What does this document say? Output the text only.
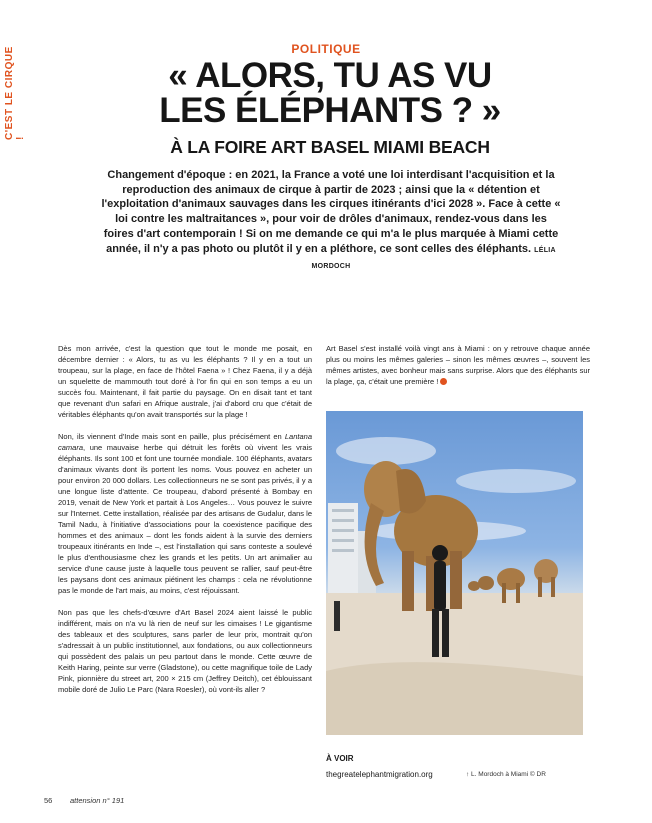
C'EST LE CIRQUE !
POLITIQUE
« ALORS, TU AS VU
LES ÉLÉPHANTS ? »
À LA FOIRE ART BASEL MIAMI BEACH
Changement d'époque : en 2021, la France a voté une loi interdisant l'acquisition et la reproduction des animaux de cirque à partir de 2023 ; ainsi que la « détention et l'exploitation d'animaux sauvages dans les cirques itinérants d'ici 2028 ». Face à cette « loi contre les maltraitances », pour voir de drôles d'animaux, rendez-vous dans les foires d'art contemporain ! Si on me demande ce qui m'a le plus marquée à Miami cette année, il n'y a pas photo ou plutôt il y en a pléthore, ce sont celles des éléphants. LÉLIA MORDOCH

Dès mon arrivée, c'est la question que tout le monde me posait, en décembre dernier : « Alors, tu as vu les éléphants ? Il y en a tout un troupeau, sur la plage, en face de l'hôtel Faena » ! Chez Faena, il y a déjà un squelette de mammouth tout doré à l'or fin qui en son temps a eu un succès fou. Maintenant, il fait partie du paysage. On en disait tant et tant que revenant d'un safari en Afrique australe, j'ai d'abord cru que c'était de véritables éléphants qu'on avait transportés sur la plage !

Non, ils viennent d'Inde mais sont en paille, plus précisément en Lantana camara, une mauvaise herbe qui détruit les forêts où vivent les vrais éléphants. Ils sont 100 et font une tournée mondiale. 100 éléphants, avatars d'animaux vivants dont ils portent les noms. Vous pouvez en acheter un pour environ 20 000 dollars. Les collectionneurs ne se sont pas privés, il y a une longue liste d'attente. Ce troupeau, d'abord présenté à Bombay en 2019, venait de New York et partait à Los Angeles… Vous pouvez le suivre sur l'Internet. Cette installation, réalisée par des artisans de Gudalur, dans le Tamil Nadu, à l'initiative d'associations pour la coexistence pacifique des hommes et des animaux – dont les fonds aident à la survie des derniers troupeaux itinérants en Inde –, est l'installation qui sans conteste a soulevé le plus d'enthousiasme chez les grands et les petits. Un art animalier au service d'une cause juste à laquelle tous peuvent se rallier, sauf peut-être les paysans dont ces animaux piétinent les champs : cela ne révolutionne pas le monde de l'art mais, au moins, c'est réjouissant.

Non pas que les chefs-d'œuvre d'Art Basel 2024 aient laissé le public indifférent, mais on n'a vu là rien de neuf sur les cimaises ! Le gigantisme des tableaux et des sculptures, sans parler de leur prix, montrait qu'on s'adressait à un public institutionnel, aux fondations, ou aux collectionneurs qui possèdent des palais un peu partout dans le monde. Cette œuvre de Keith Haring, peinte sur verre (Gladstone), ou cette magnifique toile de Lady Pink, pionnière du street art, 200 × 215 cm (Jeffrey Deitch), cet éblouissant mobile doré de Julio Le Parc (Nara Roesler), où vont-ils aller ?

Art Basel s'est installé voilà vingt ans à Miami : on y retrouve chaque année plus ou moins les mêmes galeries – sinon les mêmes œuvres –, souvent les mêmes artistes, avec bonheur mais sans surprise. Alors que des éléphants sur la plage, ça, c'était une première !

À VOIR
thegreatelephantmigration.org	↑ L. Mordoch à Miami © DR
56 attension n° 191
